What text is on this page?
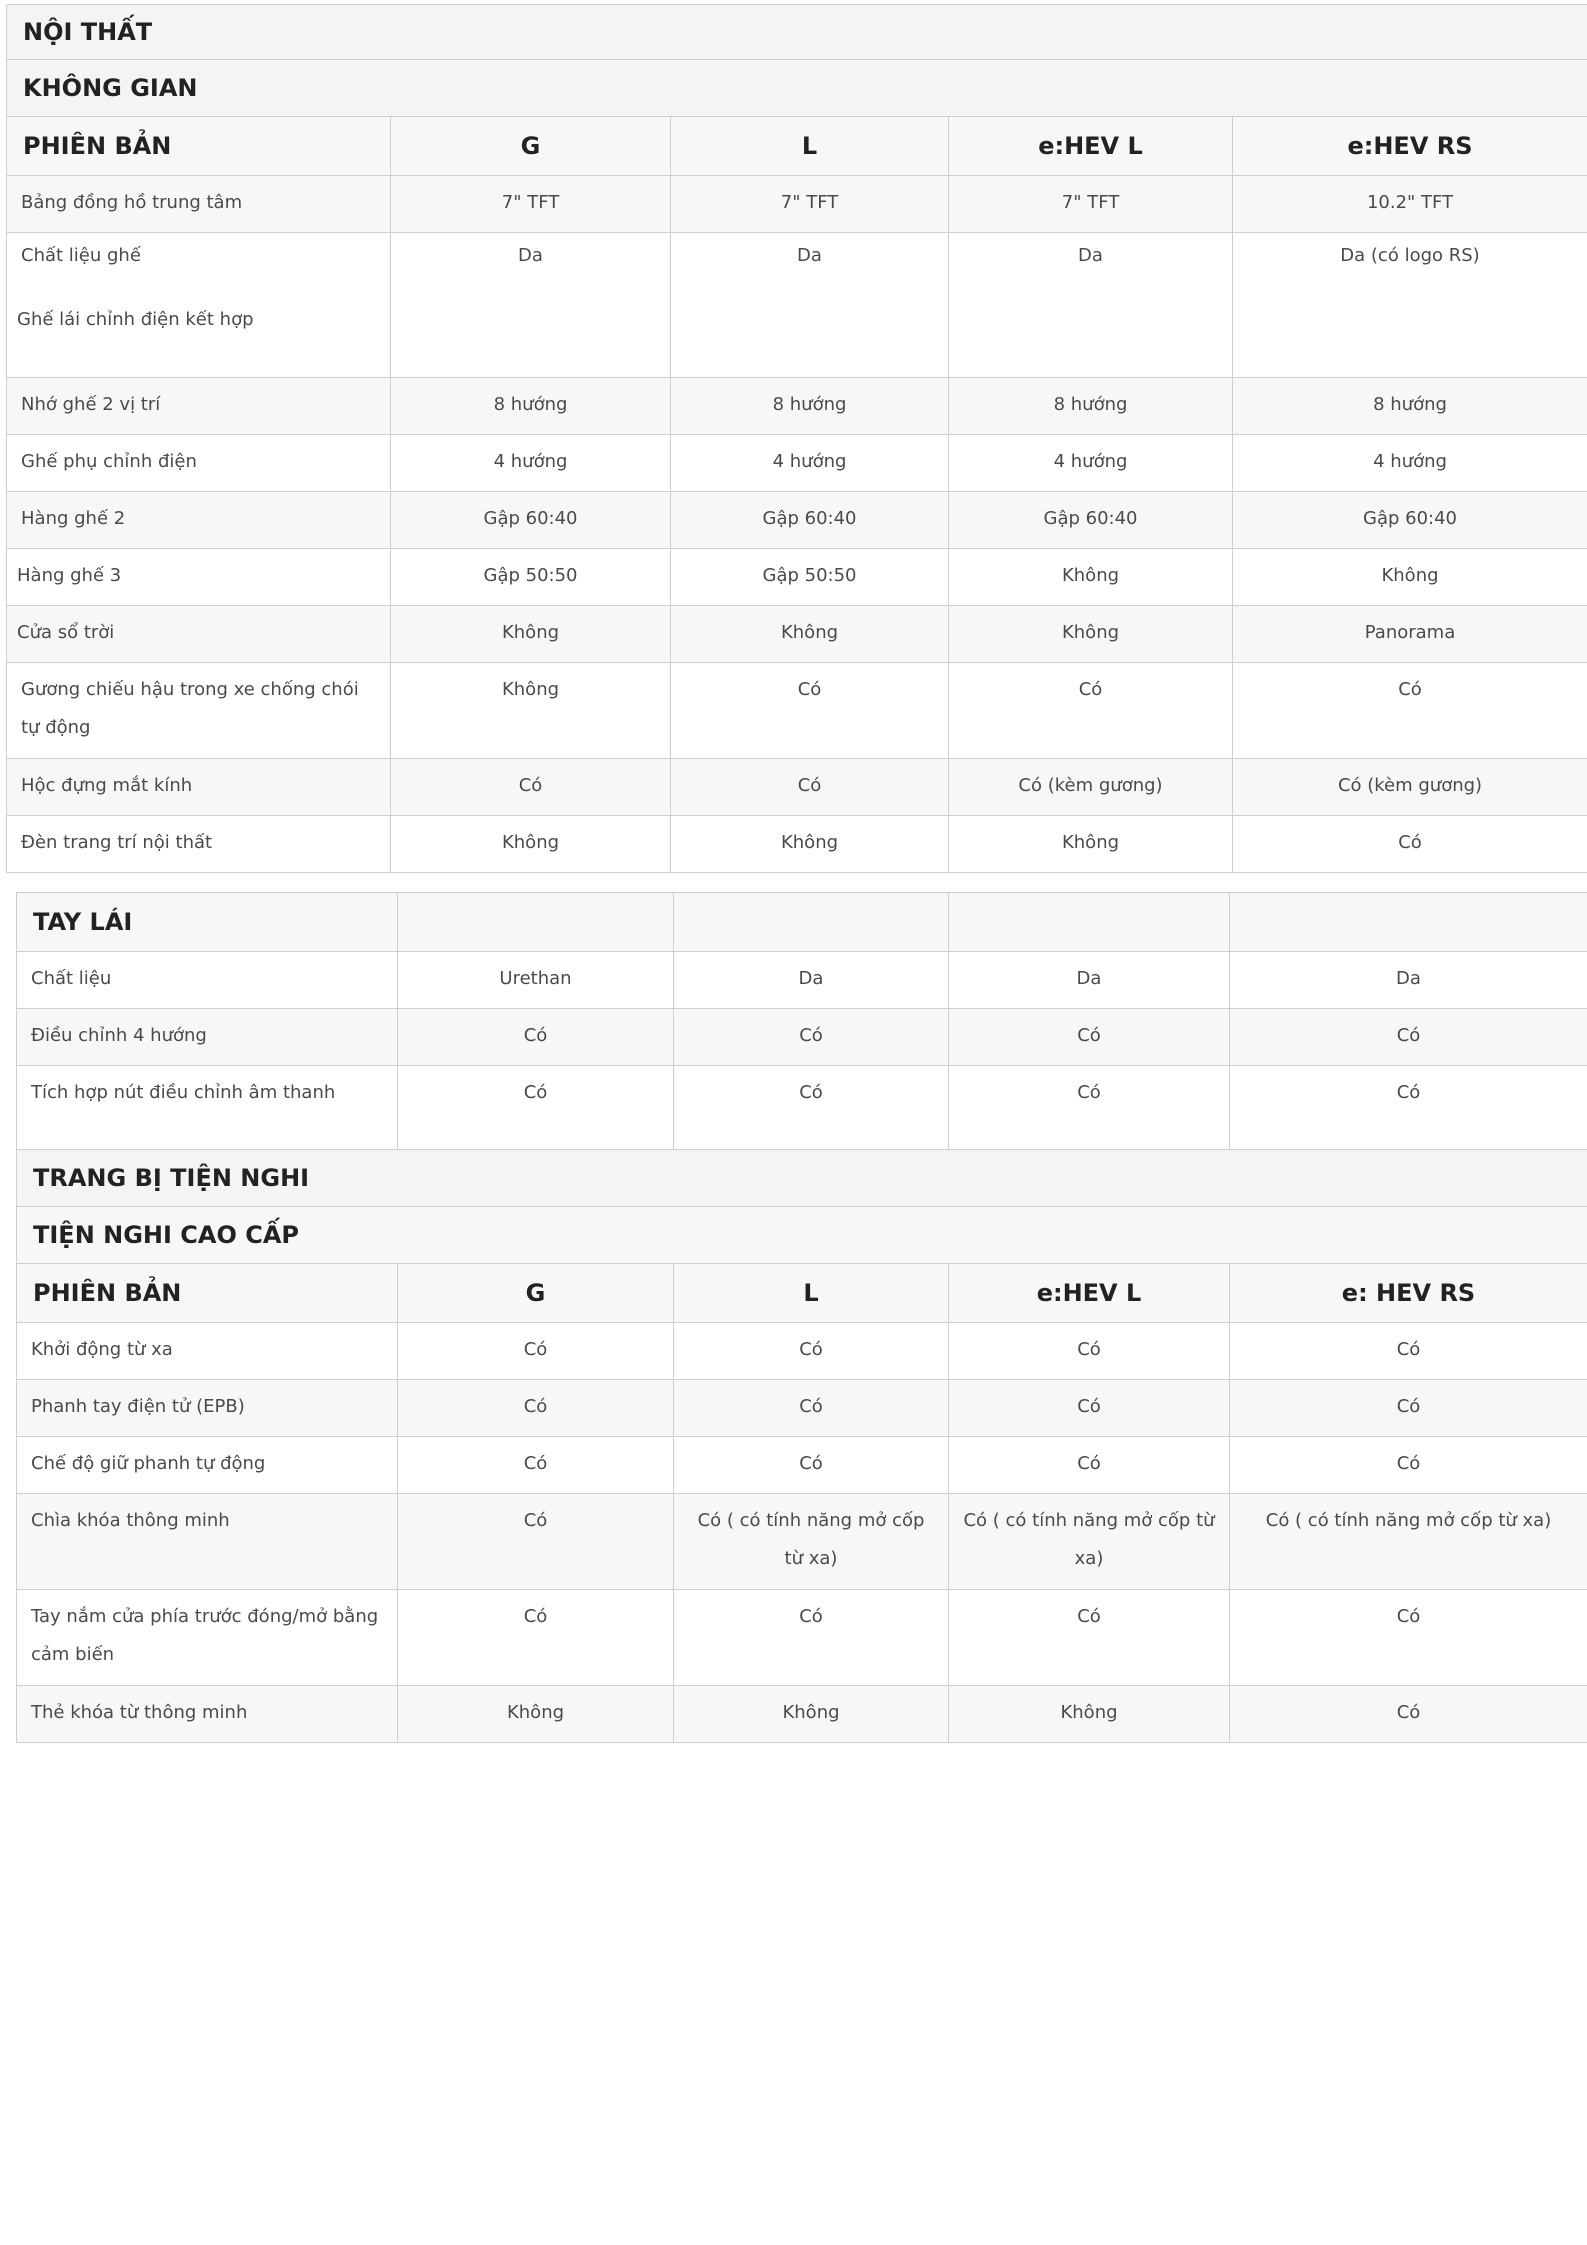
NỘI THẤT				
KHÔNG GIAN				
PHIÊN BẢN	G	L	e:HEV L	e:HEV RS
Bảng đồng hồ trung tâm	7" TFT	7" TFT	7" TFT	10.2" TFT

Chất liệu ghế
Ghế lái chỉnh điện kết hợp	Da	Da	Da	Da (có logo RS)
Nhớ ghế 2 vị trí	8 hướng	8 hướng	8 hướng	8 hướng
Ghế phụ chỉnh điện	4 hướng	4 hướng	4 hướng	4 hướng
Hàng ghế 2	Gập 60:40	Gập 60:40	Gập 60:40	Gập 60:40
Hàng ghế 3	Gập 50:50	Gập 50:50	Không	Không
Cửa sổ trời	Không	Không	Không	Panorama
Gương chiếu hậu trong xe chống chói tự động	Không	Có	Có	Có
Hộc đựng mắt kính	Có	Có	Có (kèm gương)	Có (kèm gương)
Đèn trang trí nội thất	Không	Không	Không	Có
TAY LÁI				
Chất liệu	Urethan	Da	Da	Da
Điều chỉnh 4 hướng	Có	Có	Có	Có
Tích hợp nút điều chỉnh âm thanh	Có	Có	Có	Có
TRANG BỊ TIỆN NGHI				
TIỆN NGHI CAO CẤP				
PHIÊN BẢN	G	L	e:HEV L	e: HEV RS
Khởi động từ xa	Có	Có	Có	Có
Phanh tay điện tử (EPB)	Có	Có	Có	Có
Chế độ giữ phanh tự động	Có	Có	Có	Có
Chìa khóa thông minh	Có	Có ( có tính năng mở cốp từ xa)	Có ( có tính năng mở cốp từ xa)	Có ( có tính năng mở cốp từ xa)
Tay nắm cửa phía trước đóng/mở bằng cảm biến	Có	Có	Có	Có
Thẻ khóa từ thông minh	Không	Không	Không	Có
